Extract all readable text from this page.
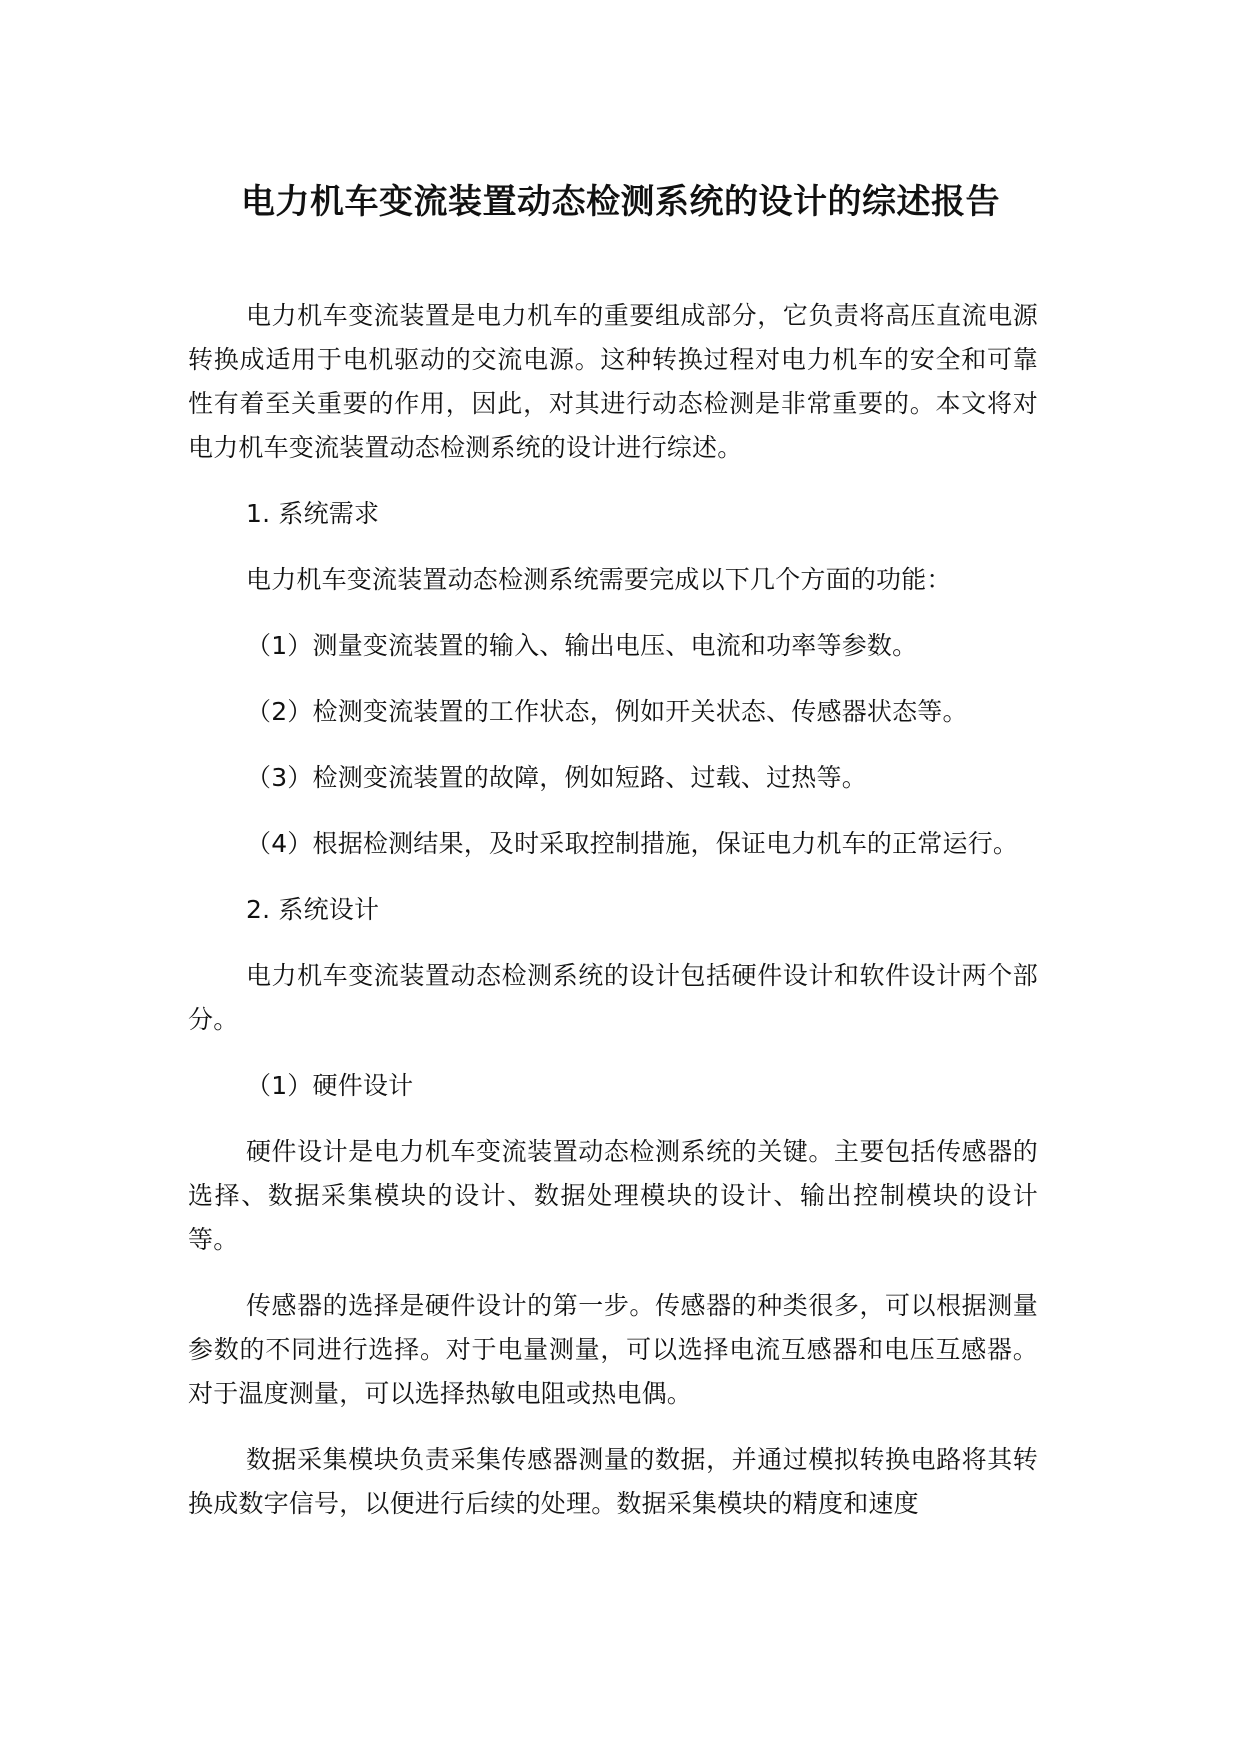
电力机车变流装置动态检测系统的设计的综述报告

电力机车变流装置是电力机车的重要组成部分，它负责将高压直流电源转换成适用于电机驱动的交流电源。这种转换过程对电力机车的安全和可靠性有着至关重要的作用，因此，对其进行动态检测是非常重要的。本文将对电力机车变流装置动态检测系统的设计进行综述。

1. 系统需求

电力机车变流装置动态检测系统需要完成以下几个方面的功能：

（1）测量变流装置的输入、输出电压、电流和功率等参数。

（2）检测变流装置的工作状态，例如开关状态、传感器状态等。

（3）检测变流装置的故障，例如短路、过载、过热等。

（4）根据检测结果，及时采取控制措施，保证电力机车的正常运行。

2. 系统设计

电力机车变流装置动态检测系统的设计包括硬件设计和软件设计两个部分。

（1）硬件设计

硬件设计是电力机车变流装置动态检测系统的关键。主要包括传感器的选择、数据采集模块的设计、数据处理模块的设计、输出控制模块的设计等。

传感器的选择是硬件设计的第一步。传感器的种类很多，可以根据测量参数的不同进行选择。对于电量测量，可以选择电流互感器和电压互感器。对于温度测量，可以选择热敏电阻或热电偶。

数据采集模块负责采集传感器测量的数据，并通过模拟转换电路将其转换成数字信号，以便进行后续的处理。数据采集模块的精度和速度
